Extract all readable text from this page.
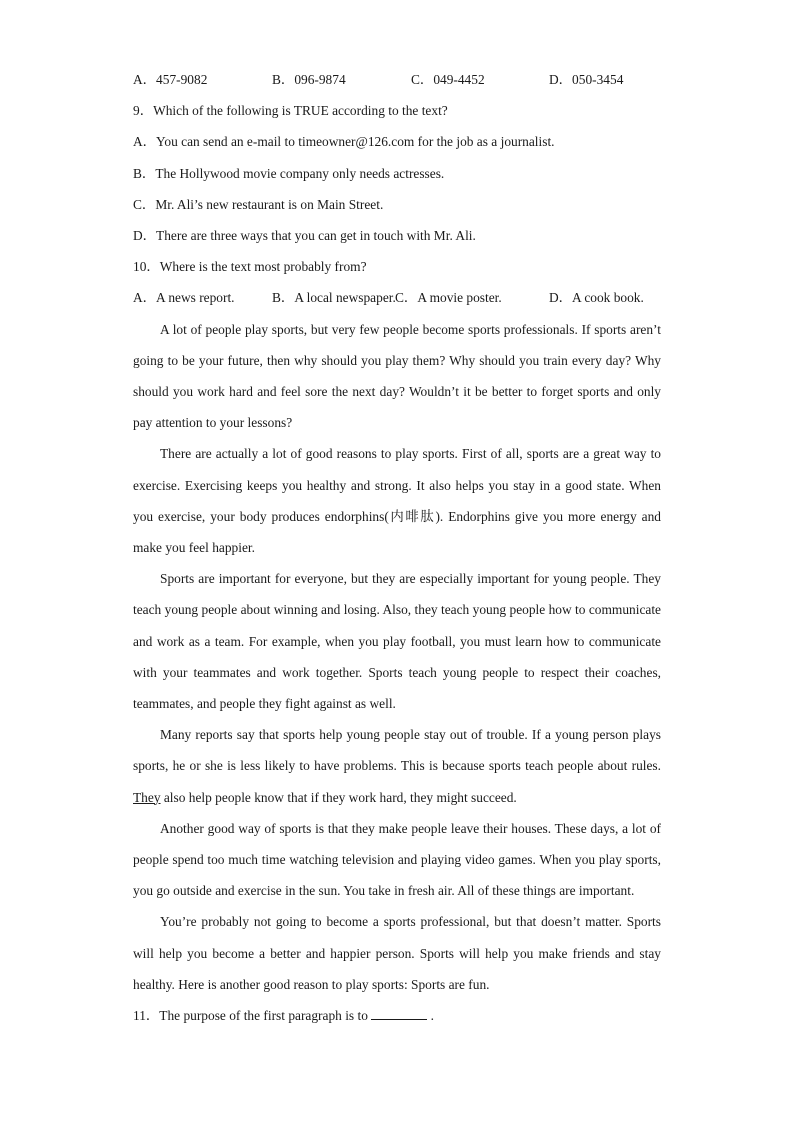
A．457-9082	B．096-9874	C．049-4452	D．050-3454
9．Which of the following is TRUE according to the text?
A．You can send an e-mail to timeowner@126.com for the job as a journalist.
B．The Hollywood movie company only needs actresses.
C．Mr. Ali’s new restaurant is on Main Street.
D．There are three ways that you can get in touch with Mr. Ali.
10．Where is the text most probably from?
A．A news report.	B．A local newspaper. C．A movie poster.	D．A cook book.

A lot of people play sports, but very few people become sports professionals. If sports aren’t going to be your future, then why should you play them? Why should you train every day? Why should you work hard and feel sore the next day? Wouldn’t it be better to forget sports and only pay attention to your lessons?

There are actually a lot of good reasons to play sports. First of all, sports are a great way to exercise. Exercising keeps you healthy and strong. It also helps you stay in a good state. When you exercise, your body produces endorphins(内啡肽). Endorphins give you more energy and make you feel happier.

Sports are important for everyone, but they are especially important for young people. They teach young people about winning and losing. Also, they teach young people how to communicate and work as a team. For example, when you play football, you must learn how to communicate with your teammates and work together. Sports teach young people to respect their coaches, teammates, and people they fight against as well.

Many reports say that sports help young people stay out of trouble. If a young person plays sports, he or she is less likely to have problems. This is because sports teach people about rules. They also help people know that if they work hard, they might succeed.

Another good way of sports is that they make people leave their houses. These days, a lot of people spend too much time watching television and playing video games. When you play sports, you go outside and exercise in the sun. You take in fresh air. All of these things are important.

You’re probably not going to become a sports professional, but that doesn’t matter. Sports will help you become a better and happier person. Sports will help you make friends and stay healthy. Here is another good reason to play sports: Sports are fun.

11．The purpose of the first paragraph is to	.
